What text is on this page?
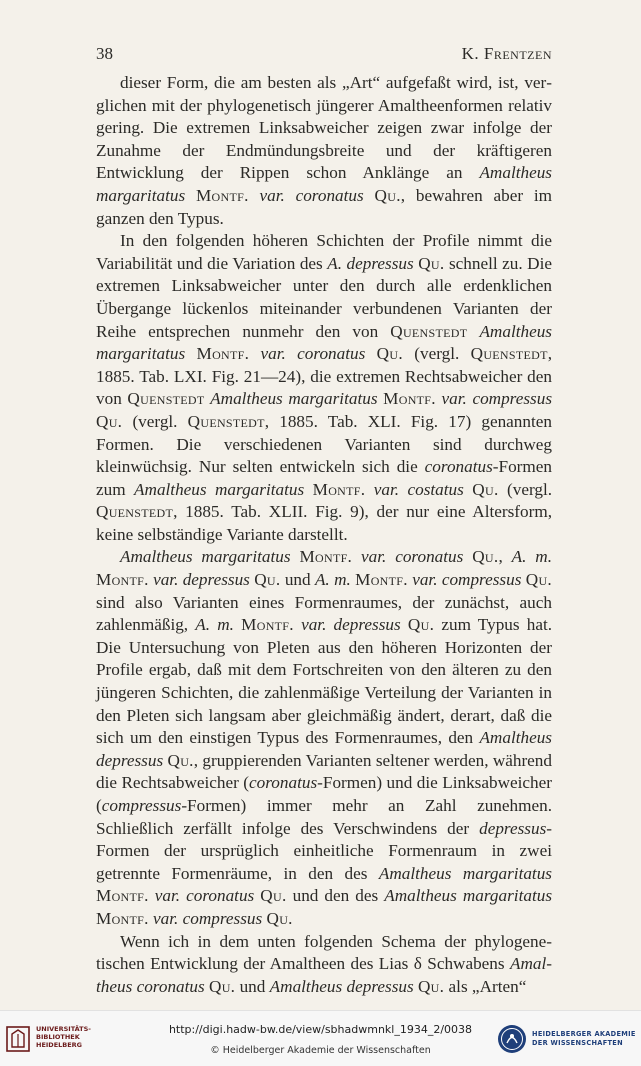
38	K. Frentzen

dieser Form, die am besten als „Art“ aufgefaßt wird, ist, verglichen mit der phylogenetisch jüngerer Amaltheenformen relativ gering. Die extremen Linksabweicher zeigen zwar infolge der Zunahme der Endmündungsbreite und der kräftigeren Entwicklung der Rippen schon Anklänge an Amaltheus margaritatus Montf. var. coronatus Qu., bewahren aber im ganzen den Typus.

In den folgenden höheren Schichten der Profile nimmt die Variabilität und die Variation des A. depressus Qu. schnell zu. Die extremen Linksabweicher unter den durch alle erdenklichen Übergange lückenlos miteinander verbundenen Varianten der Reihe entsprechen nunmehr den von Quenstedt Amaltheus margaritatus Montf. var. coronatus Qu. (vergl. Quenstedt, 1885. Tab. LXI. Fig. 21—24), die extremen Rechtsabweicher den von Quenstedt Amaltheus margaritatus Montf. var. compressus Qu. (vergl. Quenstedt, 1885. Tab. XLI. Fig. 17) genannten Formen. Die verschiedenen Varianten sind durchweg kleinwüchsig. Nur selten entwickeln sich die coronatus-Formen zum Amaltheus margaritatus Montf. var. costatus Qu. (vergl. Quenstedt, 1885. Tab. XLII. Fig. 9), der nur eine Altersform, keine selbständige Variante darstellt.

Amaltheus margaritatus Montf. var. coronatus Qu., A. m. Montf. var. depressus Qu. und A. m. Montf. var. compressus Qu. sind also Varianten eines Formenraumes, der zunächst, auch zahlenmäßig, A. m. Montf. var. depressus Qu. zum Typus hat. Die Untersuchung von Pleten aus den höheren Horizonten der Profile ergab, daß mit dem Fortschreiten von den älteren zu den jüngeren Schichten, die zahlenmäßige Verteilung der Varianten in den Pleten sich langsam aber gleichmäßig ändert, derart, daß die sich um den einstigen Typus des Formenraumes, den Amaltheus depressus Qu., gruppierenden Varianten seltener werden, während die Rechtsabweicher (coronatus-Formen) und die Linksabweicher (compressus-Formen) immer mehr an Zahl zunehmen. Schließlich zerfällt infolge des Verschwindens der depressus-Formen der ursprüglich einheitliche Formenraum in zwei getrennte Formenräume, in den des Amaltheus margaritatus Montf. var. coronatus Qu. und den des Amaltheus margaritatus Montf. var. compressus Qu.

Wenn ich in dem unten folgenden Schema der phylogenetischen Entwicklung der Amaltheen des Lias δ Schwabens Amaltheus coronatus Qu. und Amaltheus depressus Qu. als „Arten“

UNIVERSITÄTS-
BIBLIOTHEK
HEIDELBERG
http://digi.hadw-bw.de/view/sbhadwmnkl_1934_2/0038
© Heidelberger Akademie der Wissenschaften
HEIDELBERGER AKADEMIE
DER WISSENSCHAFTEN
